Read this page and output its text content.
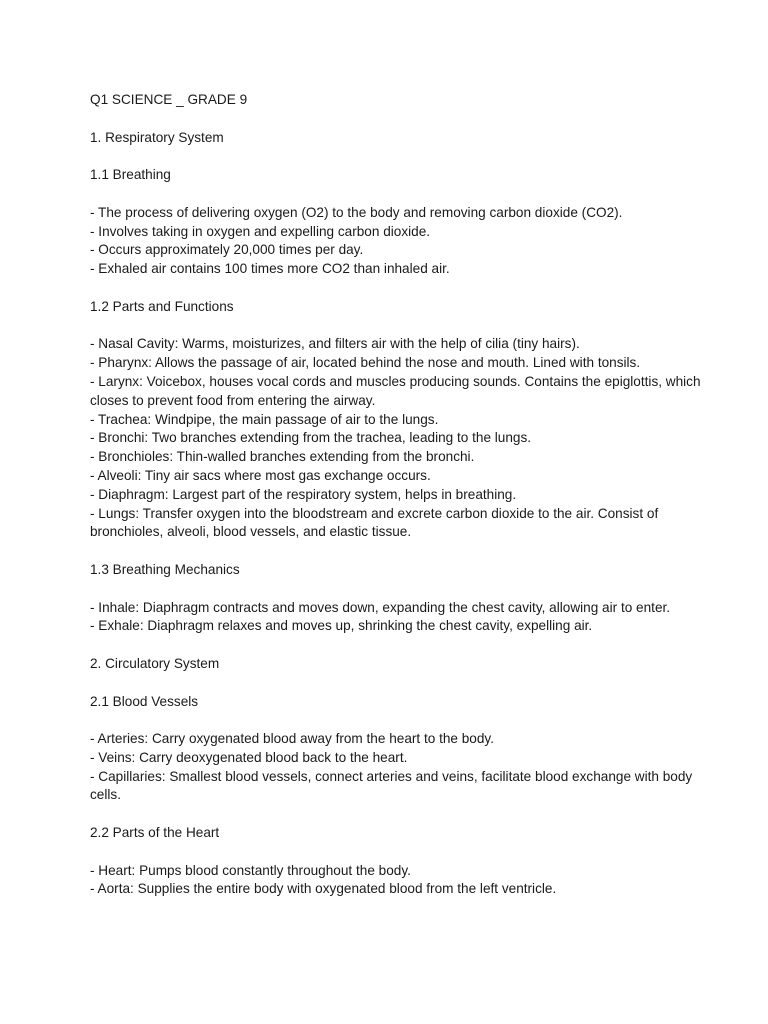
Q1 SCIENCE _ GRADE 9

1. Respiratory System

1.1 Breathing

- The process of delivering oxygen (O2) to the body and removing carbon dioxide (CO2).
- Involves taking in oxygen and expelling carbon dioxide.
- Occurs approximately 20,000 times per day.
- Exhaled air contains 100 times more CO2 than inhaled air.

1.2 Parts and Functions

- Nasal Cavity: Warms, moisturizes, and filters air with the help of cilia (tiny hairs).
- Pharynx: Allows the passage of air, located behind the nose and mouth. Lined with tonsils.
- Larynx: Voicebox, houses vocal cords and muscles producing sounds. Contains the epiglottis, which closes to prevent food from entering the airway.
- Trachea: Windpipe, the main passage of air to the lungs.
- Bronchi: Two branches extending from the trachea, leading to the lungs.
- Bronchioles: Thin-walled branches extending from the bronchi.
- Alveoli: Tiny air sacs where most gas exchange occurs.
- Diaphragm: Largest part of the respiratory system, helps in breathing.
- Lungs: Transfer oxygen into the bloodstream and excrete carbon dioxide to the air. Consist of bronchioles, alveoli, blood vessels, and elastic tissue.

1.3 Breathing Mechanics

- Inhale: Diaphragm contracts and moves down, expanding the chest cavity, allowing air to enter.
- Exhale: Diaphragm relaxes and moves up, shrinking the chest cavity, expelling air.

2. Circulatory System

2.1 Blood Vessels

- Arteries: Carry oxygenated blood away from the heart to the body.
- Veins: Carry deoxygenated blood back to the heart.
- Capillaries: Smallest blood vessels, connect arteries and veins, facilitate blood exchange with body cells.

2.2 Parts of the Heart

- Heart: Pumps blood constantly throughout the body.
- Aorta: Supplies the entire body with oxygenated blood from the left ventricle.
